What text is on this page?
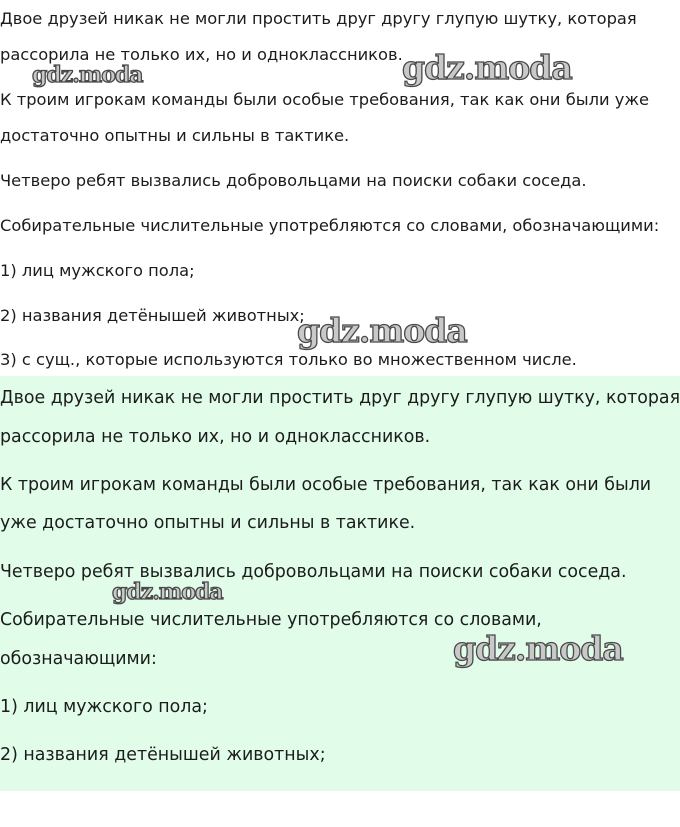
Двое друзей никак не могли простить друг другу глупую шутку, которая

рассорила не только их, но и одноклассников.

К троим игрокам команды были особые требования, так как они были уже

достаточно опытны и сильны в тактике.

Четверо ребят вызвались добровольцами на поиски собаки соседа.

Собирательные числительные употребляются со словами, обозначающими:

1) лиц мужского пола;

2) названия детёнышей животных;

3) с сущ., которые используются только во множественном числе.

Двое друзей никак не могли простить друг другу глупую шутку, которая

рассорила не только их, но и одноклассников.

К троим игрокам команды были особые требования, так как они были

уже достаточно опытны и сильны в тактике.

Четверо ребят вызвались добровольцами на поиски собаки соседа.

Собирательные числительные употребляются со словами,

обозначающими:

1) лиц мужского пола;

2) названия детёнышей животных;

gdz.moda	gdz.moda
gdz.moda
gdz.moda
gdz.moda
